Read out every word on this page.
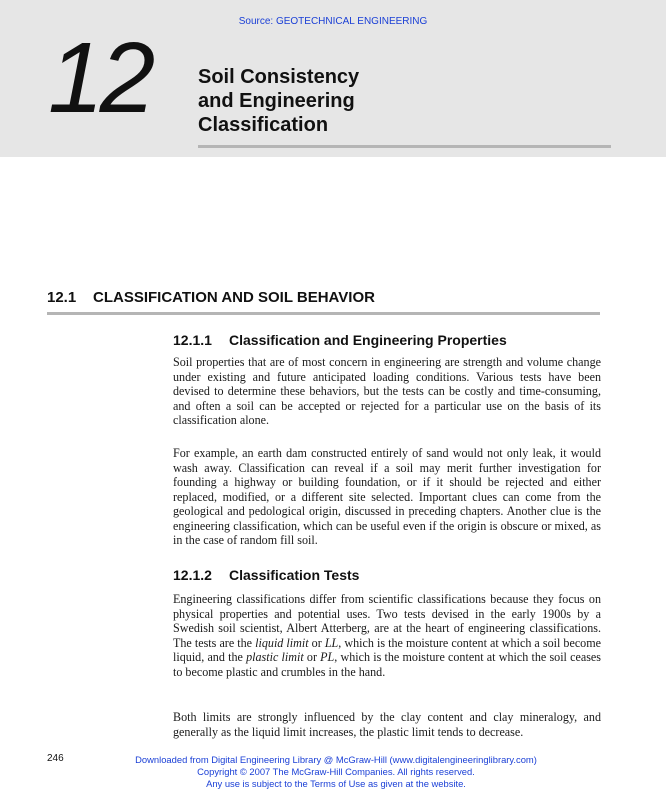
Source: GEOTECHNICAL ENGINEERING
12 Soil Consistency
and Engineering
Classification
12.1 CLASSIFICATION AND SOIL BEHAVIOR
12.1.1 Classification and Engineering Properties

Soil properties that are of most concern in engineering are strength and volume change under existing and future anticipated loading conditions. Various tests have been devised to determine these behaviors, but the tests can be costly and time-consuming, and often a soil can be accepted or rejected for a particular use on the basis of its classification alone.

For example, an earth dam constructed entirely of sand would not only leak, it would wash away. Classification can reveal if a soil may merit further investigation for founding a highway or building foundation, or if it should be rejected and either replaced, modified, or a different site selected. Important clues can come from the geological and pedological origin, discussed in preceding chapters. Another clue is the engineering classification, which can be useful even if the origin is obscure or mixed, as in the case of random fill soil.

12.1.2 Classification Tests

Engineering classifications differ from scientific classifications because they focus on physical properties and potential uses. Two tests devised in the early 1900s by a Swedish soil scientist, Albert Atterberg, are at the heart of engineering classifications. The tests are the liquid limit or LL, which is the moisture content at which a soil become liquid, and the plastic limit or PL, which is the moisture content at which the soil ceases to become plastic and crumbles in the hand.

Both limits are strongly influenced by the clay content and clay mineralogy, and generally as the liquid limit increases, the plastic limit tends to decrease.

246	Downloaded from Digital Engineering Library @ McGraw-Hill (www.digitalengineeringlibrary.com)
Copyright © 2007 The McGraw-Hill Companies. All rights reserved.
Any use is subject to the Terms of Use as given at the website.
